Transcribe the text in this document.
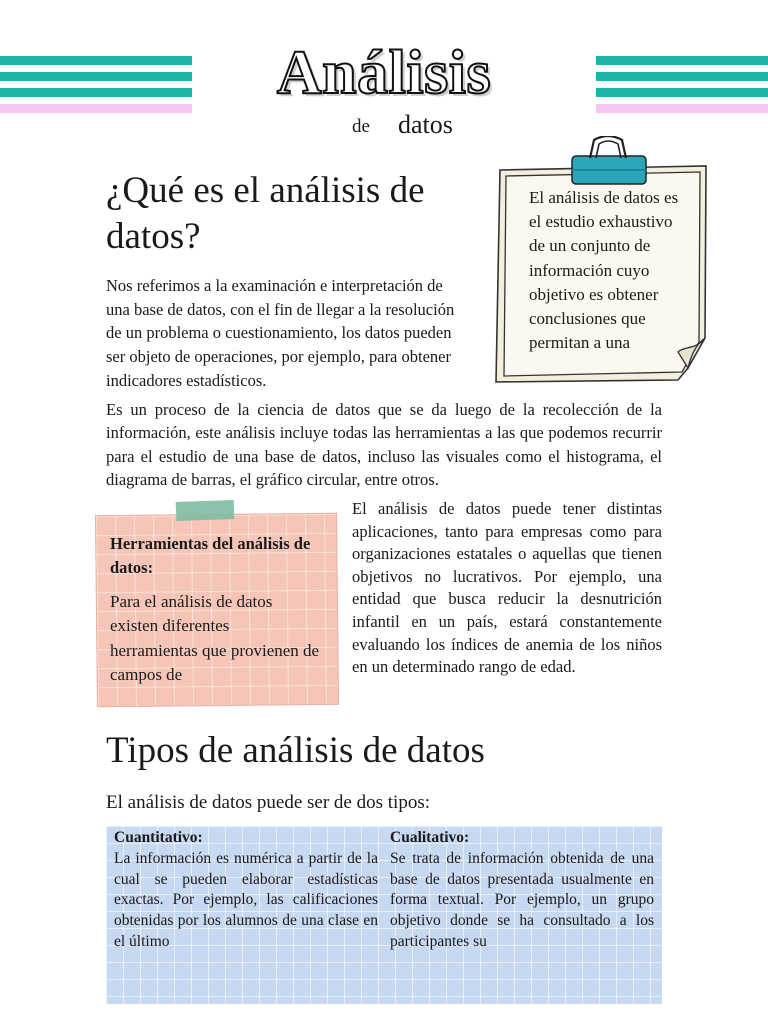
Análisis
de datos
¿Qué es el análisis de datos?
Nos referimos a la examinación e interpretación de una base de datos, con el fin de llegar a la resolución de un problema o cuestionamiento, los datos pueden ser objeto de operaciones, por ejemplo, para obtener indicadores estadísticos.
El análisis de datos es el estudio exhaustivo de un conjunto de información cuyo objetivo es obtener conclusiones que permitan a una
Es un proceso de la ciencia de datos que se da luego de la recolección de la información, este análisis incluye todas las herramientas a las que podemos recurrir para el estudio de una base de datos, incluso las visuales como el histograma, el diagrama de barras, el gráfico circular, entre otros.
Herramientas del análisis de datos:
Para el análisis de datos existen diferentes herramientas que provienen de campos de
El análisis de datos puede tener distintas aplicaciones, tanto para empresas como para organizaciones estatales o aquellas que tienen objetivos no lucrativos. Por ejemplo, una entidad que busca reducir la desnutrición infantil en un país, estará constantemente evaluando los índices de anemia de los niños en un determinado rango de edad.
Tipos de análisis de datos
El análisis de datos puede ser de dos tipos:
Cuantitativo:
La información es numérica a partir de la cual se pueden elaborar estadísticas exactas. Por ejemplo, las calificaciones obtenidas por los alumnos de una clase en el último
Cualitativo:
Se trata de información obtenida de una base de datos presentada usualmente en forma textual. Por ejemplo, un grupo objetivo donde se ha consultado a los participantes su
